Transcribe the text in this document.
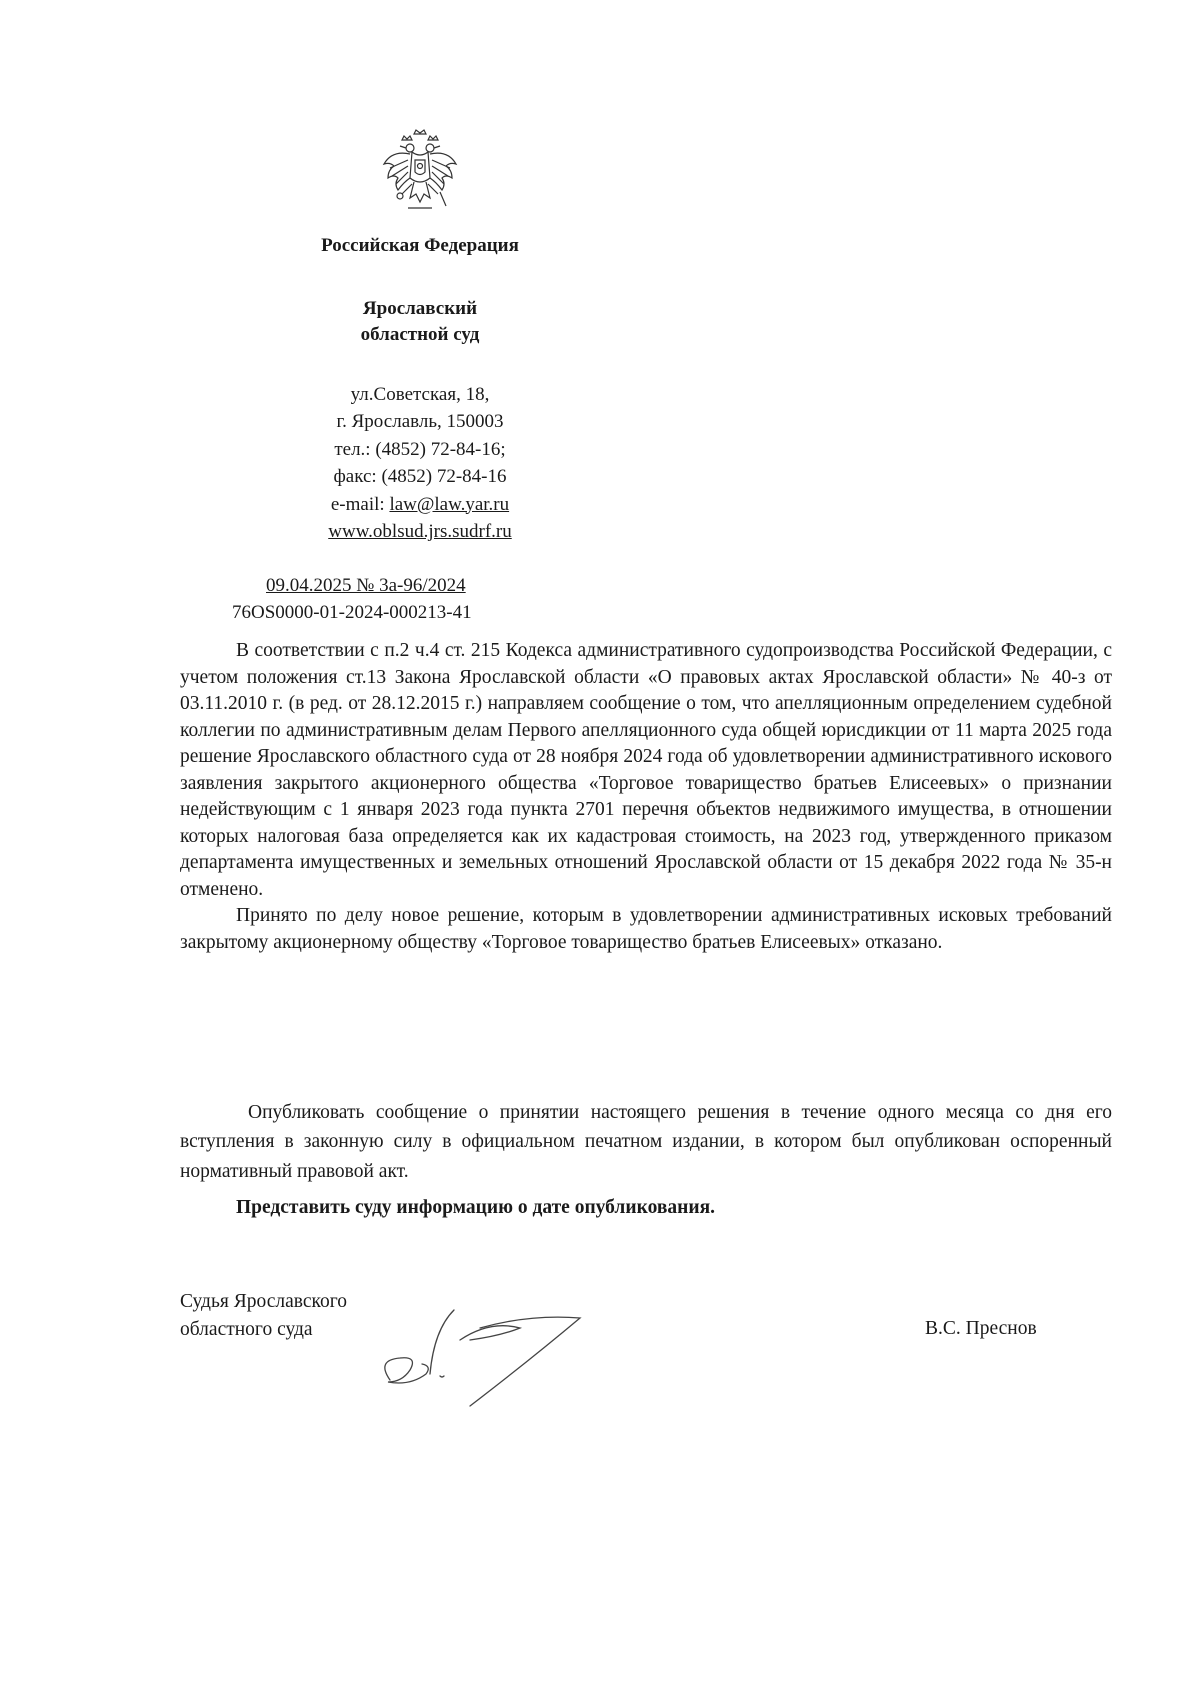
Российская Федерация
Ярославский
областной суд
ул.Советская, 18,
г. Ярославль, 150003
тел.: (4852) 72-84-16;
факс: (4852) 72-84-16
e-mail: law@law.yar.ru
www.oblsud.jrs.sudrf.ru
09.04.2025 № 3а-96/2024
76OS0000-01-2024-000213-41

В соответствии с п.2 ч.4 ст. 215 Кодекса административного судопроизводства Российской Федерации, с учетом положения ст.13 Закона Ярославской области «О правовых актах Ярославской области» № 40-з от 03.11.2010 г. (в ред. от 28.12.2015 г.) направляем сообщение о том, что апелляционным определением судебной коллегии по административным делам Первого апелляционного суда общей юрисдикции от 11 марта 2025 года решение Ярославского областного суда от 28 ноября 2024 года об удовлетворении административного искового заявления закрытого акционерного общества «Торговое товарищество братьев Елисеевых» о признании недействующим с 1 января 2023 года пункта 2701 перечня объектов недвижимого имущества, в отношении которых налоговая база определяется как их кадастровая стоимость, на 2023 год, утвержденного приказом департамента имущественных и земельных отношений Ярославской области от 15 декабря 2022 года № 35-н отменено.

Принято по делу новое решение, которым в удовлетворении административных исковых требований закрытому акционерному обществу «Торговое товарищество братьев Елисеевых» отказано.

Опубликовать сообщение о принятии настоящего решения в течение одного месяца со дня его вступления в законную силу в официальном печатном издании, в котором был опубликован оспоренный нормативный правовой акт.

Представить суду информацию о дате опубликования.

Судья Ярославского
областного суда	В.С. Преснов
